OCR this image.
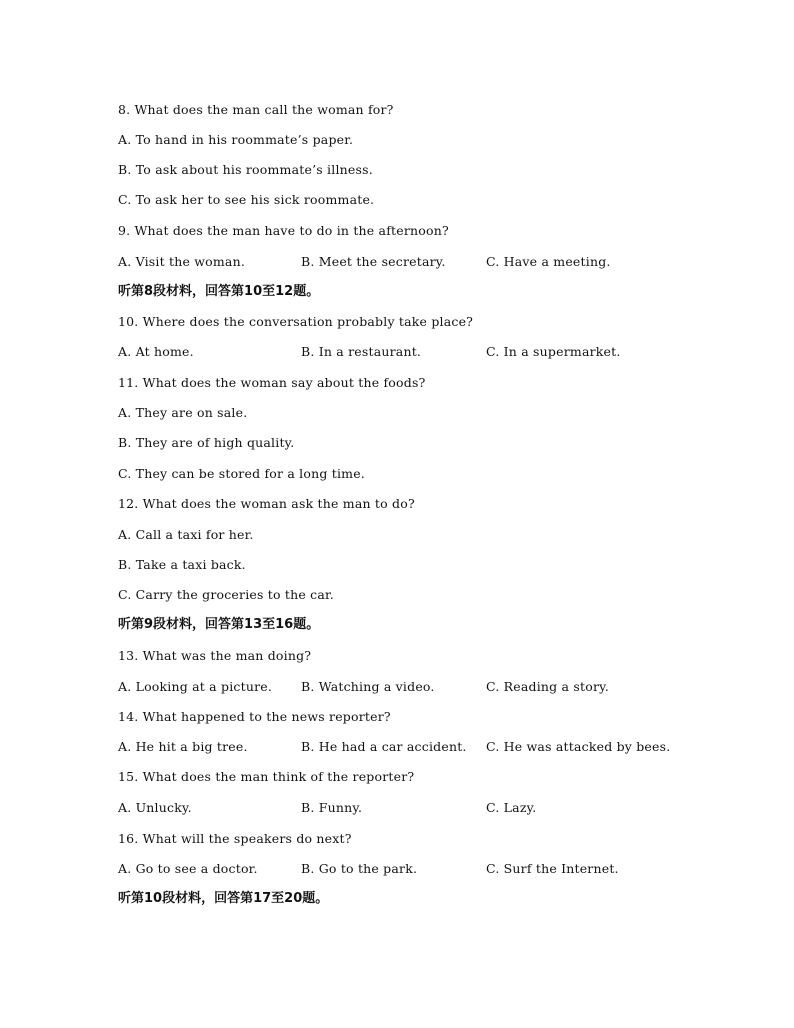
8. What does the man call the woman for?
A. To hand in his roommate’s paper.
B. To ask about his roommate’s illness.
C. To ask her to see his sick roommate.
9. What does the man have to do in the afternoon?
A. Visit the woman.	B. Meet the secretary.	C. Have a meeting.
听第8段材料，回答第10至12题。
10. Where does the conversation probably take place?
A. At home.	B. In a restaurant.	C. In a supermarket.
11. What does the woman say about the foods?
A. They are on sale.
B. They are of high quality.
C. They can be stored for a long time.
12. What does the woman ask the man to do?
A. Call a taxi for her.
B. Take a taxi back.
C. Carry the groceries to the car.
听第9段材料，回答第13至16题。
13. What was the man doing?
A. Looking at a picture. B. Watching a video.	C. Reading a story.
14. What happened to the news reporter?
A. He hit a big tree.	B. He had a car accident. C. He was attacked by bees.
15. What does the man think of the reporter?
A. Unlucky.	B. Funny.	C. Lazy.
16. What will the speakers do next?
A. Go to see a doctor.	B. Go to the park.	C. Surf the Internet.
听第10段材料，回答第17至20题。
